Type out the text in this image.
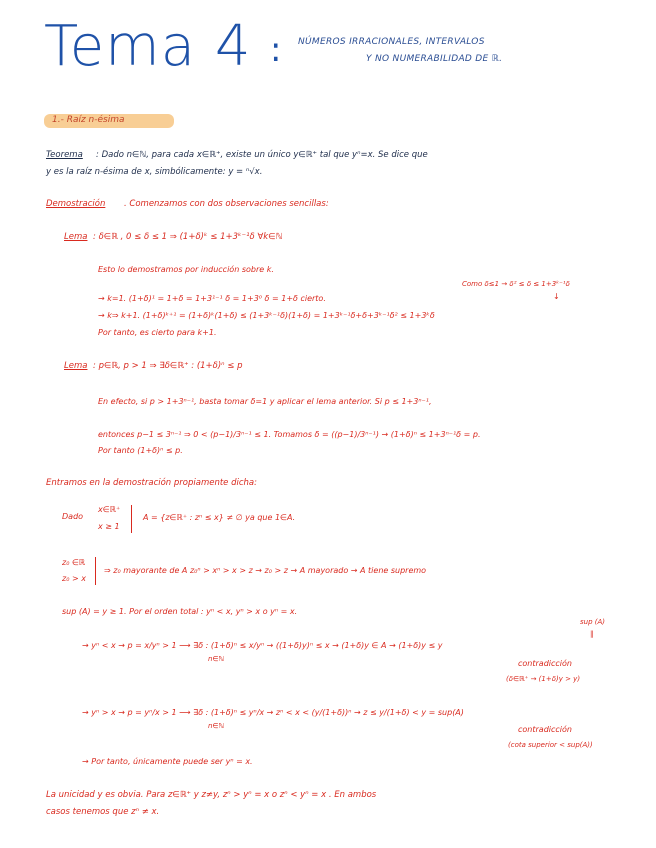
Tema 4 : NÚMEROS IRRACIONALES, INTERVALOS
Y NO NUMERABILIDAD DE ℝ.
1.- Raíz n-ésima
Teorema : Dado n∈ℕ, para cada x∈ℝ⁺, existe un único y∈ℝ⁺ tal que yⁿ=x. Se dice que
y es la raíz n-ésima de x, simbólicamente: y = ⁿ√x.
Demostración . Comenzamos con dos observaciones sencillas:
Lema : δ∈ℝ , 0 ≤ δ ≤ 1 ⇒ (1+δ)ᵏ ≤ 1+3ᵏ⁻¹δ ∀k∈ℕ
Esto lo demostramos por inducción sobre k.
Como δ≤1 → δ² ≤ δ ≤ 1+3ᵏ⁻¹δ
↓
→ k=1. (1+δ)¹ = 1+δ = 1+3¹⁻¹ δ = 1+3⁰ δ = 1+δ cierto.
→ k⇒ k+1. (1+δ)ᵏ⁺¹ = (1+δ)ᵏ(1+δ) ≤ (1+3ᵏ⁻¹δ)(1+δ) = 1+3ᵏ⁻¹δ+δ+3ᵏ⁻¹δ² ≤ 1+3ᵏδ
Por tanto, es cierto para k+1.
Lema : p∈ℝ, p > 1 ⇒ ∃δ∈ℝ⁺ : (1+δ)ⁿ ≤ p
En efecto, si p > 1+3ⁿ⁻¹, basta tomar δ=1 y aplicar el lema anterior. Si p ≤ 1+3ⁿ⁻¹,
entonces p−1 ≤ 3ⁿ⁻¹ ⇒ 0 < (p−1)/3ⁿ⁻¹ ≤ 1. Tomamos δ = ((p−1)/3ⁿ⁻¹) → (1+δ)ⁿ ≤ 1+3ⁿ⁻¹δ = p.
Por tanto (1+δ)ⁿ ≤ p.
Entramos en la demostración propiamente dicha:
Dado
x∈ℝ⁺
x ≥ 1
A = {z∈ℝ⁺ : zⁿ ≤ x} ≠ ∅ ya que 1∈A.
z₀ ∈ℝ
z₀ > x
⇒ z₀ mayorante de A z₀ⁿ > xⁿ > x > z → z₀ > z → A mayorado → A tiene supremo
sup (A) = y ≥ 1. Por el orden total : yⁿ < x, yⁿ > x o yⁿ = x.
sup (A)
‖
→ yⁿ < x → p = x/yⁿ > 1 ⟶ ∃δ : (1+δ)ⁿ ≤ x/yⁿ → ((1+δ)y)ⁿ ≤ x → (1+δ)y ∈ A → (1+δ)y ≤ y
n∈ℕ	contradicción
(δ∈ℝ⁺ → (1+δ)y > y)
→ yⁿ > x → p = yⁿ/x > 1 ⟶ ∃δ : (1+δ)ⁿ ≤ yⁿ/x → zⁿ < x < (y/(1+δ))ⁿ → z ≤ y/(1+δ) < y = sup(A)
n∈ℕ	contradicción
(cota superior < sup(A))
→ Por tanto, únicamente puede ser yⁿ = x.
La unicidad y es obvia. Para z∈ℝ⁺ y z≠y, zⁿ > yⁿ = x o zⁿ < yⁿ = x . En ambos
casos tenemos que zⁿ ≠ x.
